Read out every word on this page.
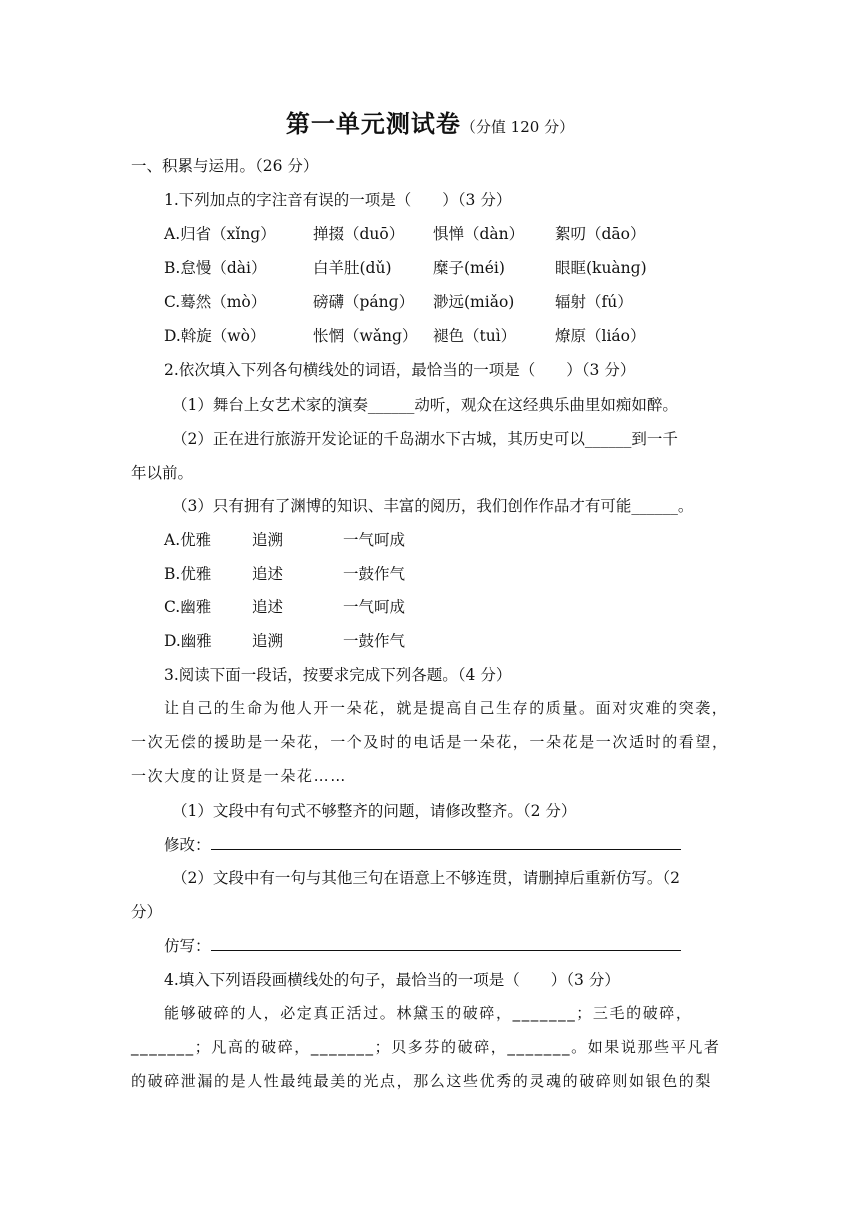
第一单元测试卷（分值 120 分）
一、积累与运用。（26 分）
1.下列加点的字注音有误的一项是（　　）（3 分）
A.归省（xǐnɡ） 掸掇（duō） 惧惮（dàn） 絮叨（dāo）
B.怠慢（dài）	白羊肚(dǔ)	糜子(méi)	眼眶(kuànɡ)
C.蓦然（mò）	磅礴（pánɡ） 渺远(miǎo)	辐射（fú）
D.斡旋（wò）	怅惘（wǎnɡ） 褪色（tuì）	燎原（liáo）
2.依次填入下列各句横线处的词语，最恰当的一项是（　　）（3 分）
（1）舞台上女艺术家的演奏______动听，观众在这经典乐曲里如痴如醉。
（2）正在进行旅游开发论证的千岛湖水下古城，其历史可以______到一千
年以前。
（3）只有拥有了渊博的知识、丰富的阅历，我们创作作品才有可能______。
A.优雅	追溯	一气呵成
B.优雅	追述	一鼓作气
C.幽雅	追述	一气呵成
D.幽雅	追溯	一鼓作气
3.阅读下面一段话，按要求完成下列各题。（4 分）
让自己的生命为他人开一朵花，就是提高自己生存的质量。面对灾难的突袭，
一次无偿的援助是一朵花，一个及时的电话是一朵花，一朵花是一次适时的看望，
一次大度的让贤是一朵花……
（1）文段中有句式不够整齐的问题，请修改整齐。（2 分）
修改：
（2）文段中有一句与其他三句在语意上不够连贯，请删掉后重新仿写。（2
分）
仿写：
4.填入下列语段画横线处的句子，最恰当的一项是（　　）（3 分）
能够破碎的人，必定真正活过。林黛玉的破碎，_______；三毛的破碎，
_______；凡高的破碎，_______；贝多芬的破碎，_______。如果说那些平凡者
的破碎泄漏的是人性最纯最美的光点，那么这些优秀的灵魂的破碎则如银色的梨
